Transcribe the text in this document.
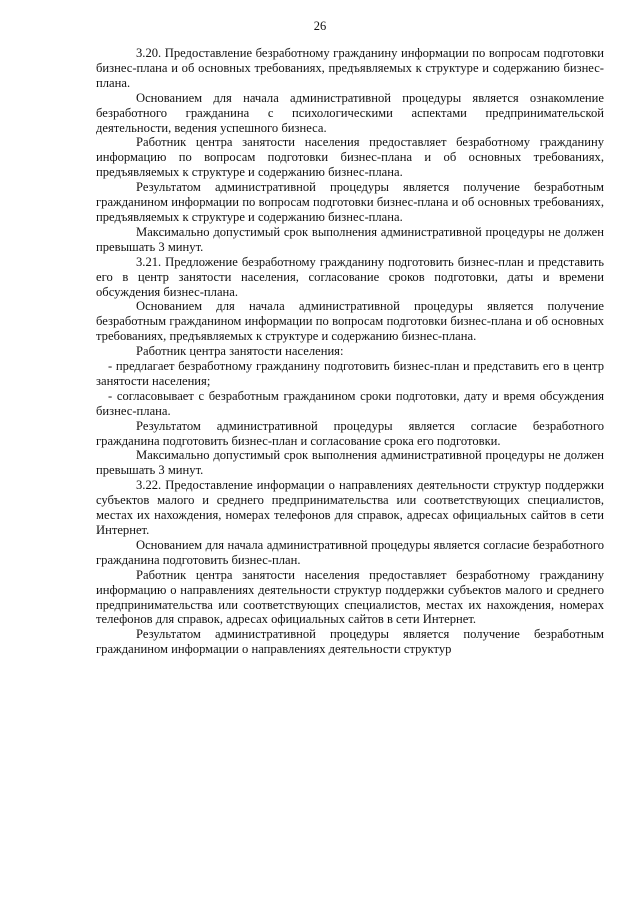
26

3.20. Предоставление безработному гражданину информации по вопросам подготовки бизнес-плана и об основных требованиях, предъявляемых к структуре и содержанию бизнес-плана.

Основанием для начала административной процедуры является ознакомление безработного гражданина с психологическими аспектами предпринимательской деятельности, ведения успешного бизнеса.

Работник центра занятости населения предоставляет безработному гражданину информацию по вопросам подготовки бизнес-плана и об основных требованиях, предъявляемых к структуре и содержанию бизнес-плана.

Результатом административной процедуры является получение безработным гражданином информации по вопросам подготовки бизнес-плана и об основных требованиях, предъявляемых к структуре и содержанию бизнес-плана.

Максимально допустимый срок выполнения административной процедуры не должен превышать 3 минут.

3.21. Предложение безработному гражданину подготовить бизнес-план и представить его в центр занятости населения, согласование сроков подготовки, даты и времени обсуждения бизнес-плана.

Основанием для начала административной процедуры является получение безработным гражданином информации по вопросам подготовки бизнес-плана и об основных требованиях, предъявляемых к структуре и содержанию бизнес-плана.

Работник центра занятости населения:

- предлагает безработному гражданину подготовить бизнес-план и представить его в центр занятости населения;

- согласовывает с безработным гражданином сроки подготовки, дату и время обсуждения бизнес-плана.

Результатом административной процедуры является согласие безработного гражданина подготовить бизнес-план и согласование срока его подготовки.

Максимально допустимый срок выполнения административной процедуры не должен превышать 3 минут.

3.22. Предоставление информации о направлениях деятельности структур поддержки субъектов малого и среднего предпринимательства или соответствующих специалистов, местах их нахождения, номерах телефонов для справок, адресах официальных сайтов в сети Интернет.

Основанием для начала административной процедуры является согласие безработного гражданина подготовить бизнес-план.

Работник центра занятости населения предоставляет безработному гражданину информацию о направлениях деятельности структур поддержки субъектов малого и среднего предпринимательства или соответствующих специалистов, местах их нахождения, номерах телефонов для справок, адресах официальных сайтов в сети Интернет.

Результатом административной процедуры является получение безработным гражданином информации о направлениях деятельности структур
